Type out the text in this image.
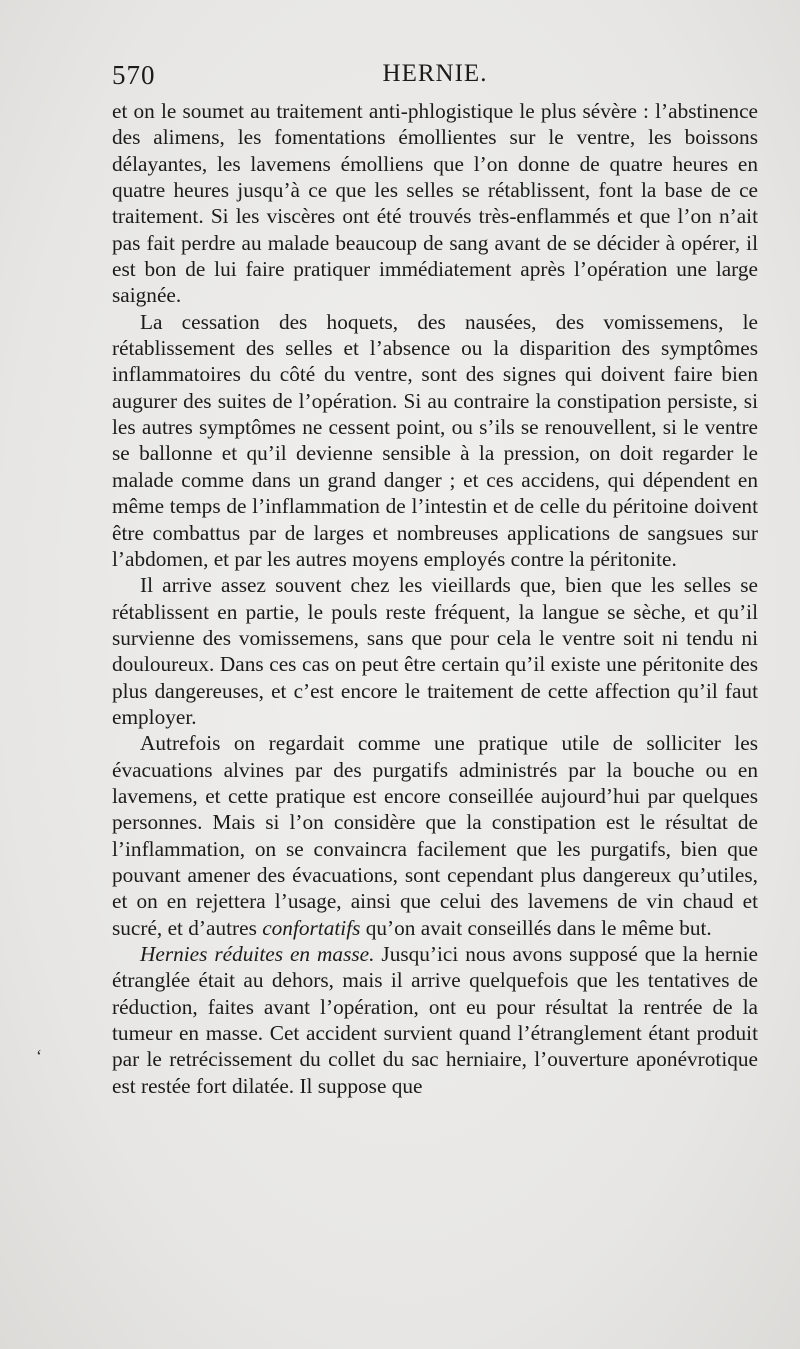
570	HERNIE.

et on le soumet au traitement anti-phlogistique le plus sévère : l’abstinence des alimens, les fomentations émollientes sur le ventre, les boissons délayantes, les lavemens émolliens que l’on donne de quatre heures en quatre heures jusqu’à ce que les selles se rétablissent, font la base de ce traitement. Si les viscères ont été trouvés très-enflammés et que l’on n’ait pas fait perdre au malade beaucoup de sang avant de se décider à opérer, il est bon de lui faire pratiquer immédiatement après l’opération une large saignée.

La cessation des hoquets, des nausées, des vomissemens, le rétablissement des selles et l’absence ou la disparition des symptômes inflammatoires du côté du ventre, sont des signes qui doivent faire bien augurer des suites de l’opération. Si au contraire la constipation persiste, si les autres symptômes ne cessent point, ou s’ils se renouvellent, si le ventre se ballonne et qu’il devienne sensible à la pression, on doit regarder le malade comme dans un grand danger ; et ces accidens, qui dépendent en même temps de l’inflammation de l’intestin et de celle du péritoine doivent être combattus par de larges et nombreuses applications de sangsues sur l’abdomen, et par les autres moyens employés contre la péritonite.

Il arrive assez souvent chez les vieillards que, bien que les selles se rétablissent en partie, le pouls reste fréquent, la langue se sèche, et qu’il survienne des vomissemens, sans que pour cela le ventre soit ni tendu ni douloureux. Dans ces cas on peut être certain qu’il existe une péritonite des plus dangereuses, et c’est encore le traitement de cette affection qu’il faut employer.

Autrefois on regardait comme une pratique utile de solliciter les évacuations alvines par des purgatifs administrés par la bouche ou en lavemens, et cette pratique est encore conseillée aujourd’hui par quelques personnes. Mais si l’on considère que la constipation est le résultat de l’inflammation, on se convaincra facilement que les purgatifs, bien que pouvant amener des évacuations, sont cependant plus dangereux qu’utiles, et on en rejettera l’usage, ainsi que celui des lavemens de vin chaud et sucré, et d’autres confortatifs qu’on avait conseillés dans le même but.

Hernies réduites en masse. Jusqu’ici nous avons supposé que la hernie étranglée était au dehors, mais il arrive quelquefois que les tentatives de réduction, faites avant l’opération, ont eu pour résultat la rentrée de la tumeur en masse. Cet accident survient quand l’étranglement étant produit par le retrécissement du collet du sac herniaire, l’ouverture aponévrotique est restée fort dilatée. Il suppose que

‘
